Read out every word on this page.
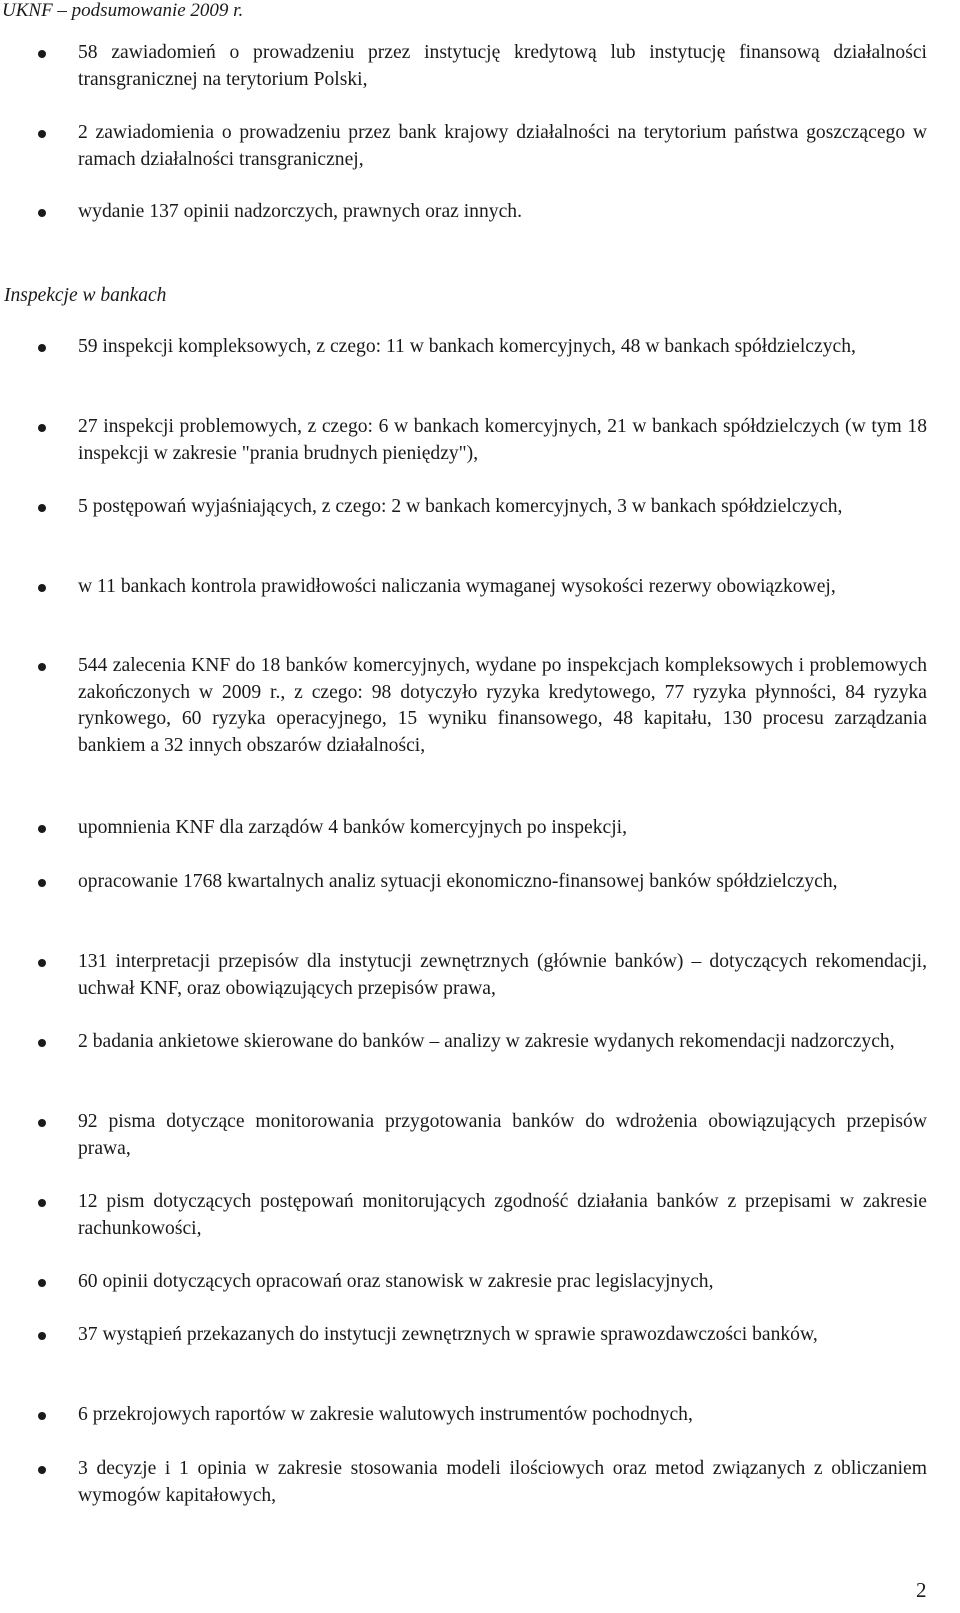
UKNF – podsumowanie 2009 r.
58 zawiadomień o prowadzeniu przez instytucję kredytową lub instytucję finansową działalności transgranicznej na terytorium Polski,
2 zawiadomienia o prowadzeniu przez bank krajowy działalności na terytorium państwa goszczącego w ramach działalności transgranicznej,
wydanie 137 opinii nadzorczych, prawnych oraz innych.
Inspekcje w bankach
59 inspekcji kompleksowych, z czego: 11 w bankach komercyjnych, 48 w bankach spółdzielczych,
27 inspekcji problemowych, z czego: 6 w bankach komercyjnych, 21 w bankach spółdzielczych (w tym 18 inspekcji w zakresie "prania brudnych pieniędzy"),
5 postępowań wyjaśniających, z czego: 2 w bankach komercyjnych, 3 w bankach spółdzielczych,
w 11 bankach kontrola prawidłowości naliczania wymaganej wysokości rezerwy obowiązkowej,
544 zalecenia KNF do 18 banków komercyjnych, wydane po inspekcjach kompleksowych i problemowych zakończonych w 2009 r., z czego: 98 dotyczyło ryzyka kredytowego, 77 ryzyka płynności, 84 ryzyka rynkowego, 60 ryzyka operacyjnego, 15 wyniku finansowego, 48 kapitału, 130 procesu zarządzania bankiem a 32 innych obszarów działalności,
upomnienia KNF dla zarządów 4 banków komercyjnych po inspekcji,
opracowanie 1768 kwartalnych analiz sytuacji ekonomiczno-finansowej banków spółdzielczych,
131 interpretacji przepisów dla instytucji zewnętrznych (głównie banków) – dotyczących rekomendacji, uchwał KNF, oraz obowiązujących przepisów prawa,
2 badania ankietowe skierowane do banków – analizy w zakresie wydanych rekomendacji nadzorczych,
92 pisma dotyczące monitorowania przygotowania banków do wdrożenia obowiązujących przepisów prawa,
12 pism dotyczących postępowań monitorujących zgodność działania banków z przepisami w zakresie rachunkowości,
60 opinii dotyczących opracowań oraz stanowisk w zakresie prac legislacyjnych,
37 wystąpień przekazanych do instytucji zewnętrznych w sprawie sprawozdawczości banków,
6 przekrojowych raportów w zakresie walutowych instrumentów pochodnych,
3 decyzje i 1 opinia w zakresie stosowania modeli ilościowych oraz metod związanych z obliczaniem wymogów kapitałowych,
2
